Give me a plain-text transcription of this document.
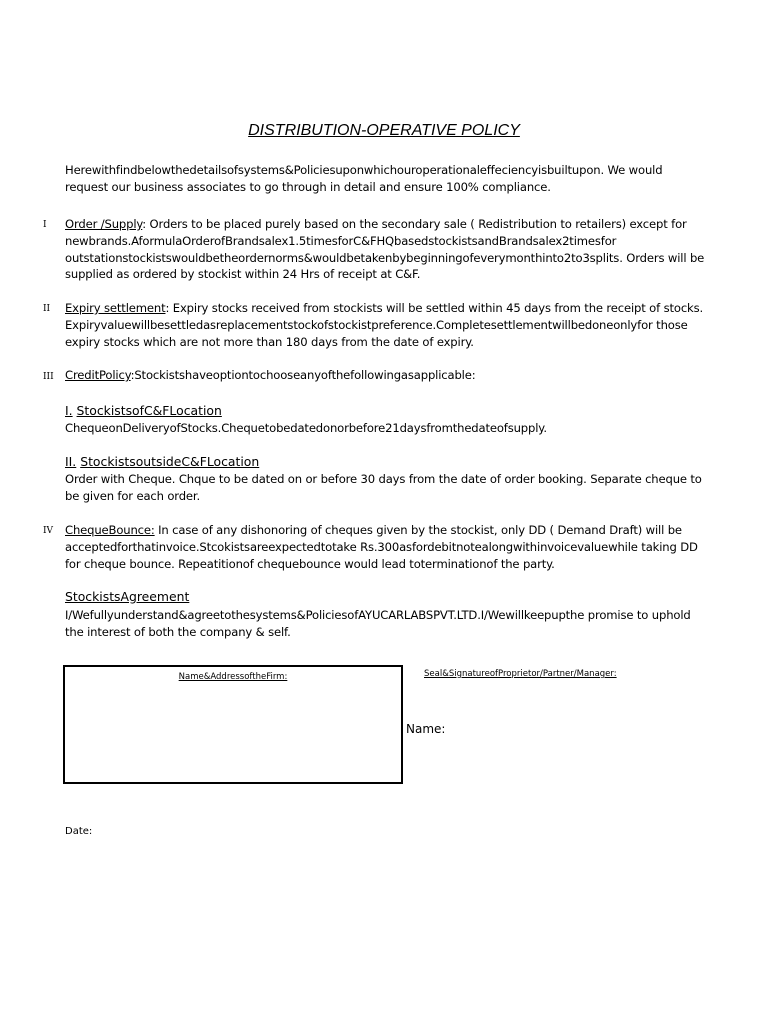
DISTRIBUTION-OPERATIVE POLICY
Herewithfindbelowthedetailsofsystems&Policiesuponwhichouroperationaleffeciencyisbuiltupon. We would request our business associates to go through in detail and ensure 100% compliance.
I Order /Supply: Orders to be placed purely based on the secondary sale ( Redistribution to retailers) except for newbrands.AformulaOrderofBrandsalex1.5timesforC&FHQbasedstockistsandBrandsalex2timesfor outstationstockistswouldbetheordernorms&wouldbetakenbybeginningofeverymonthinto2to3splits. Orders will be supplied as ordered by stockist within 24 Hrs of receipt at C&F.
II Expiry settlement: Expiry stocks received from stockists will be settled within 45 days from the receipt of stocks. Expiryvaluewillbesettledasreplacementstockofstockistpreference.Completesettlementwillbedoneonlyfor those expiry stocks which are not more than 180 days from the date of expiry.
III CreditPolicy:Stockistshaveoptiontochooseanyofthefollowingasapplicable:
I. StockistsofC&FLocation
ChequeonDeliveryofStocks.Chequetobedatedonorbefore21daysfromthedateofsupply.
II. StockistsoutsideC&FLocation
Order with Cheque. Chque to be dated on or before 30 days from the date of order booking. Separate cheque to be given for each order.
IV ChequeBounce: In case of any dishonoring of cheques given by the stockist, only DD ( Demand Draft) will be acceptedforthatinvoice.Stcokistsareexpectedtotake Rs.300asfordebitnotealongwithinvoicevaluewhile taking DD for cheque bounce. Repeatitionof chequebounce would lead toterminationof the party.
StockistsAgreement
I/Wefullyunderstand&agreetothesystems&PoliciesofAYUCARLABSPVT.LTD.I/Wewillkeepupthe promise to uphold the interest of both the company & self.
Name&AddressoftheFirm:	Seal&SignatureofProprietor/Partner/Manager:
Name:
Date:
